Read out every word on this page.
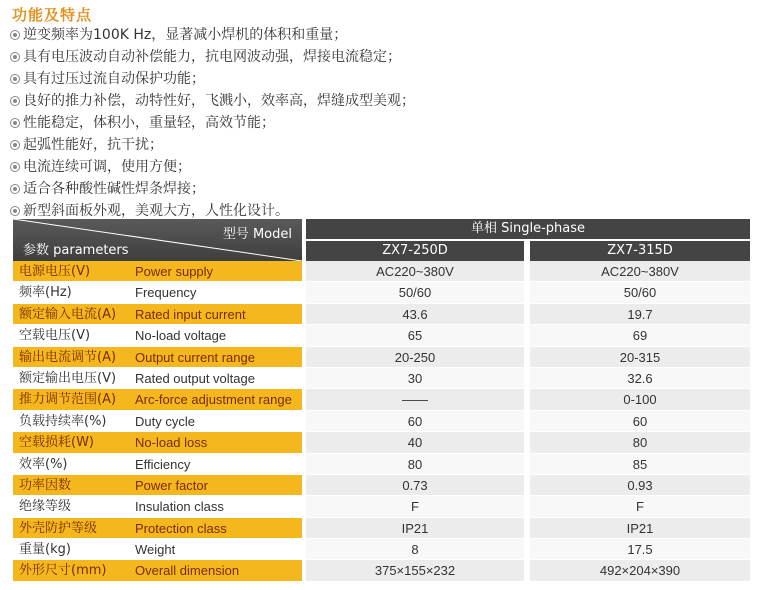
功能及特点
逆变频率为100K Hz，显著减小焊机的体积和重量；
具有电压波动自动补偿能力，抗电网波动强，焊接电流稳定；
具有过压过流自动保护功能；
良好的推力补偿，动特性好，飞溅小，效率高，焊缝成型美观；
性能稳定，体积小，重量轻，高效节能；
起弧性能好，抗干扰；
电流连续可调，使用方便；
适合各种酸性碱性焊条焊接；
新型斜面板外观，美观大方，人性化设计。
型号 Model
参数 parameters
单相 Single-phase
ZX7-250D	ZX7-315D
电源电压(V)	Power supply	AC220~380V	AC220~380V
频率(Hz)	Frequency	50/60	50/60
额定输入电流(A)	Rated input current	43.6	19.7
空载电压(V)	No-load voltage	65	69
输出电流调节(A)	Output current range	20-250	20-315
额定输出电压(V)	Rated output voltage	30	32.6
推力调节范围(A)	Arc-force adjustment range	——	0-100
负载持续率(%)	Duty cycle	60	60
空载损耗(W)	No-load loss	40	80
效率(%)	Efficiency	80	85
功率因数	Power factor	0.73	0.93
绝缘等级	Insulation class	F	F
外壳防护等级	Protection class	IP21	IP21
重量(kg)	Weight	8	17.5
外形尺寸(mm)	Overall dimension	375×155×232	492×204×390
